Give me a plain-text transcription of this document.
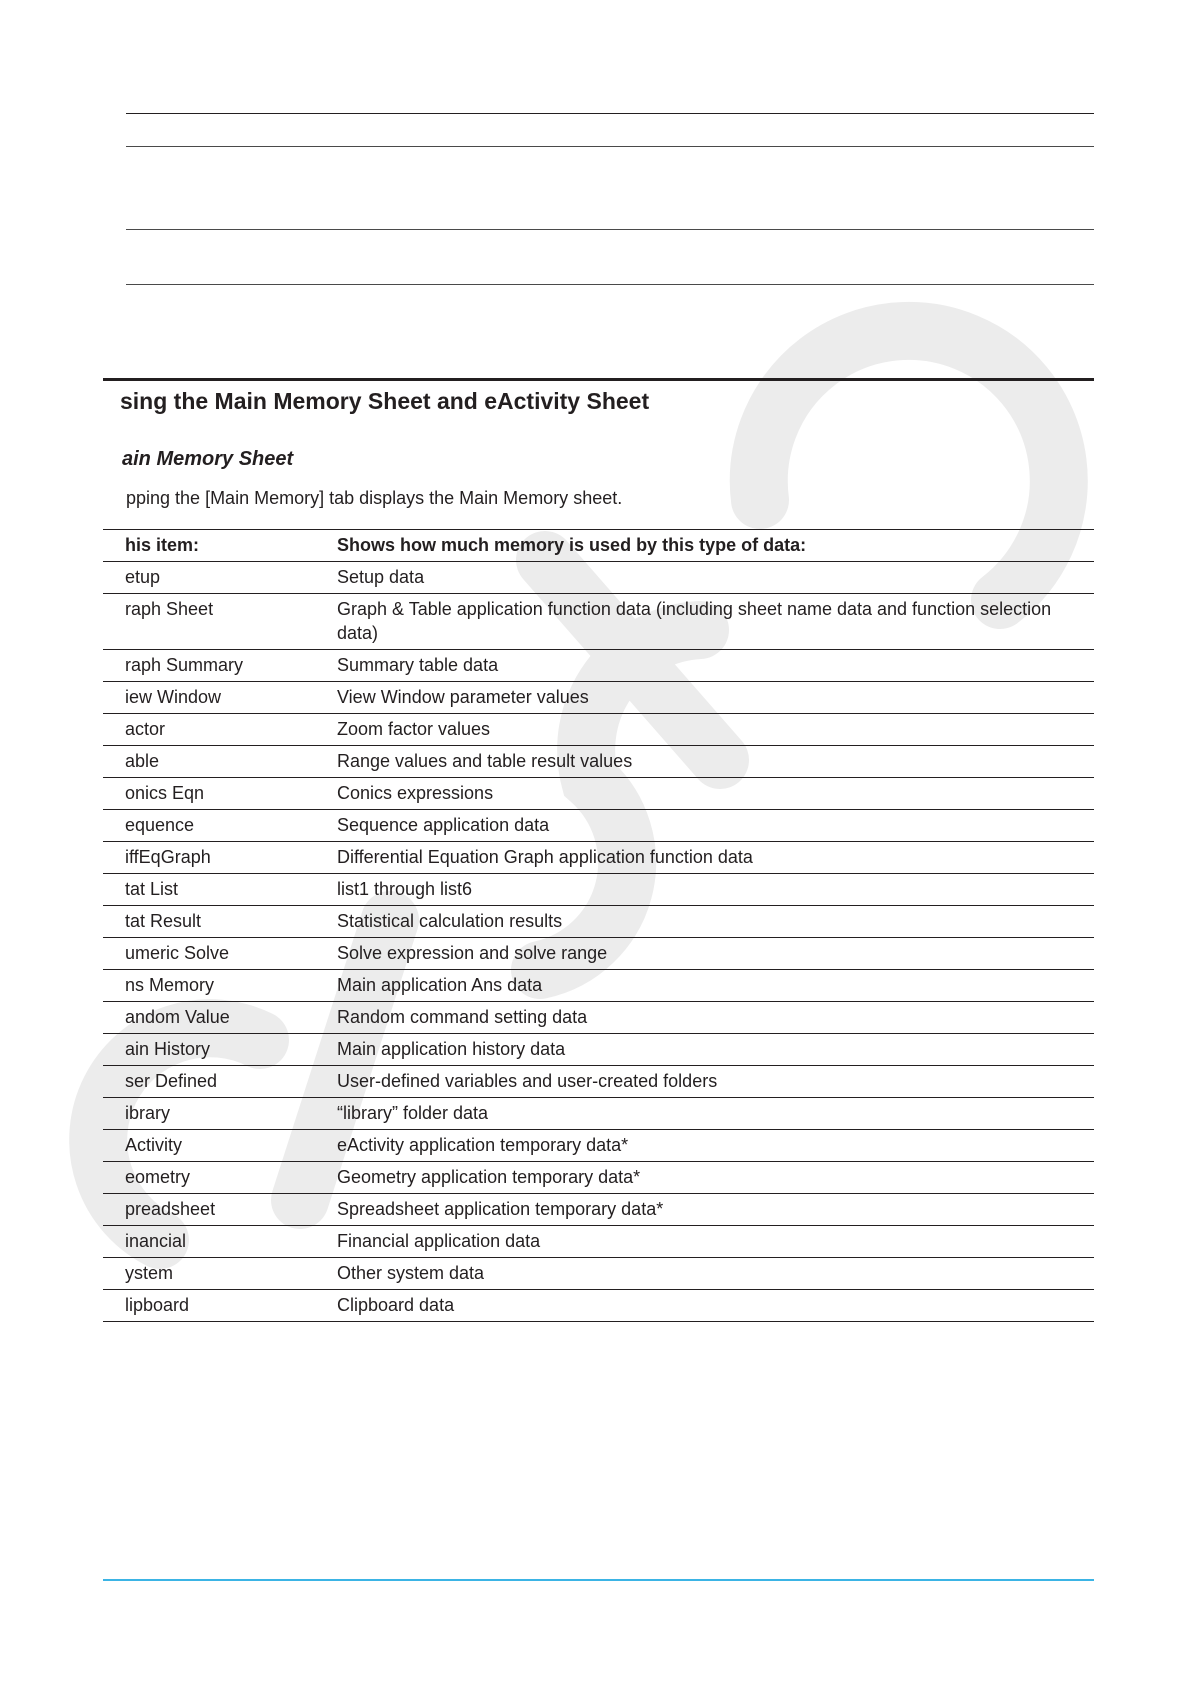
sing the Main Memory Sheet and eActivity Sheet
ain Memory Sheet

pping the [Main Memory] tab displays the Main Memory sheet.

his item:	Shows how much memory is used by this type of data:
etup	Setup data
raph Sheet	Graph & Table application function data (including sheet name data and function selection data)
raph Summary	Summary table data
iew Window	View Window parameter values
actor	Zoom factor values
able	Range values and table result values
onics Eqn	Conics expressions
equence	Sequence application data
iffEqGraph	Differential Equation Graph application function data
tat List	list1 through list6
tat Result	Statistical calculation results
umeric Solve	Solve expression and solve range
ns Memory	Main application Ans data
andom Value	Random command setting data
ain History	Main application history data
ser Defined	User-defined variables and user-created folders
ibrary	“library” folder data
Activity	eActivity application temporary data*
eometry	Geometry application temporary data*
preadsheet	Spreadsheet application temporary data*
inancial	Financial application data
ystem	Other system data
lipboard	Clipboard data
